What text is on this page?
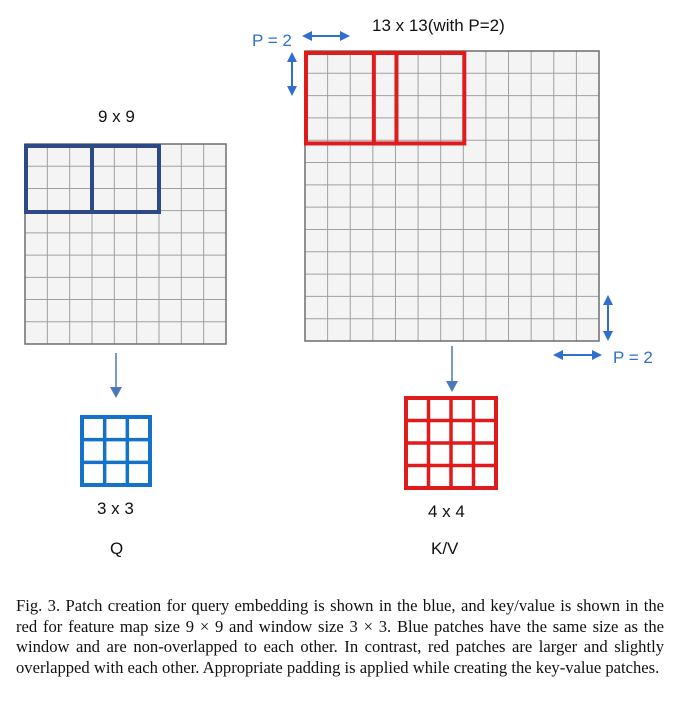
9 x 9
13 x 13(with P=2)
P = 2
P = 2
3 x 3
Q
4 x 4
K/V
Fig. 3. Patch creation for query embedding is shown in the blue, and key/value is shown in the red for feature map size 9 × 9 and window size 3 × 3. Blue patches have the same size as the window and are non-overlapped to each other. In contrast, red patches are larger and slightly overlapped with each other. Appropriate padding is applied while creating the key-value patches.
